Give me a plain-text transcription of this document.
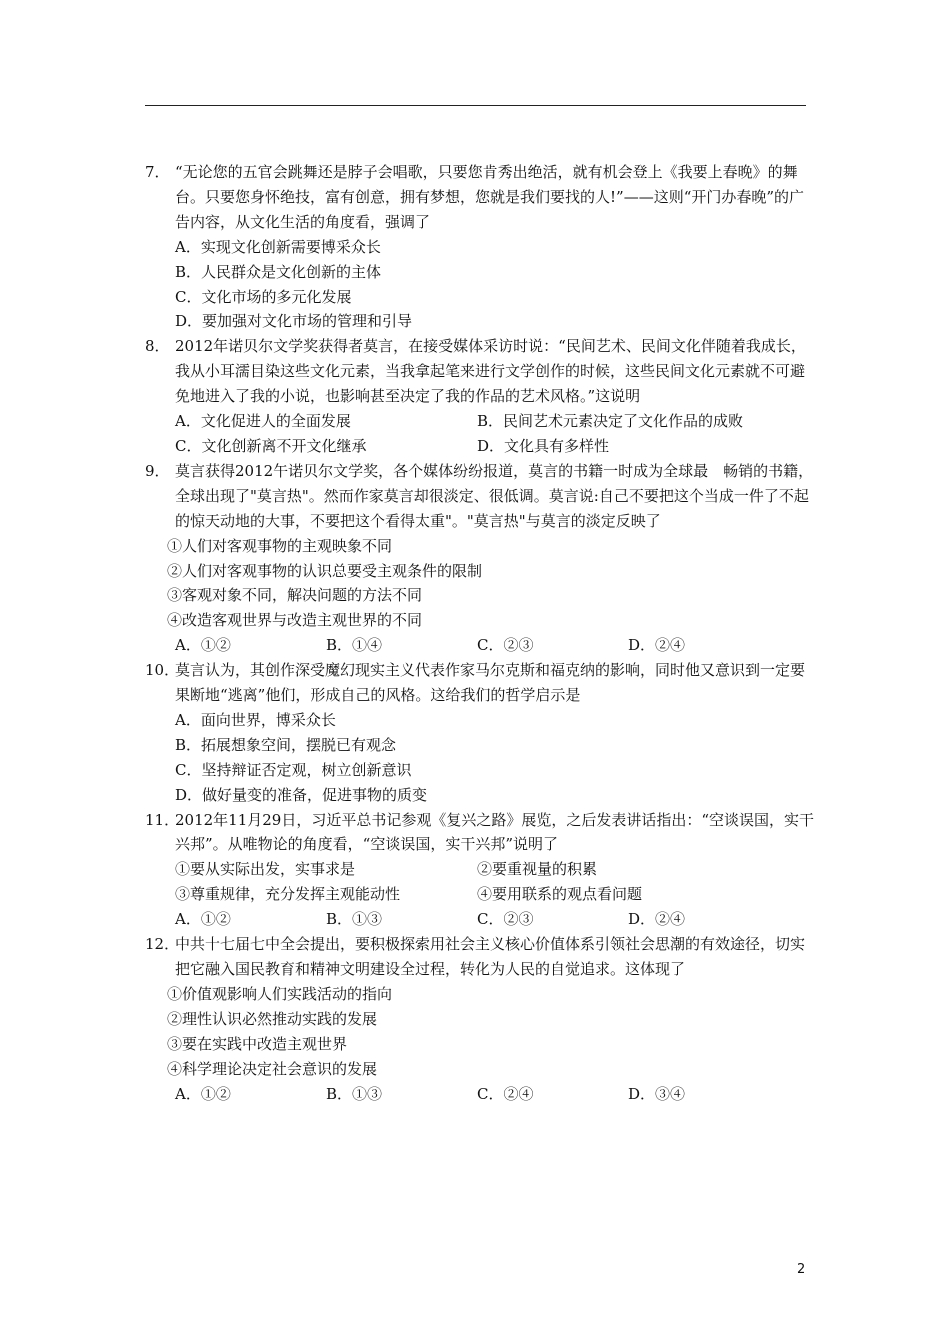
7． “无论您的五官会跳舞还是脖子会唱歌，只要您肯秀出绝活，就有机会登上《我要上春晚》的舞台。只要您身怀绝技，富有创意，拥有梦想，您就是我们要找的人!”——这则“开门办春晚”的广告内容，从文化生活的角度看，强调了
A．实现文化创新需要博采众长
B．人民群众是文化创新的主体
C．文化市场的多元化发展
D．要加强对文化市场的管理和引导
8． 2012年诺贝尔文学奖获得者莫言，在接受媒体采访时说：“民间艺术、民间文化伴随着我成长，我从小耳濡目染这些文化元素，当我拿起笔来进行文学创作的时候，这些民间文化元素就不可避免地进入了我的小说，也影响甚至决定了我的作品的艺术风格。”这说明
A．文化促进人的全面发展	B．民间艺术元素决定了文化作品的成败
C．文化创新离不开文化继承	D．文化具有多样性
9． 莫言获得2012午诺贝尔文学奖，各个媒体纷纷报道，莫言的书籍一时成为全球最　畅销的书籍，全球出现了"莫言热"。然而作家莫言却很淡定、很低调。莫言说:自己不要把这个当成一件了不起的惊天动地的大事，不要把这个看得太重"。"莫言热"与莫言的淡定反映了
①人们对客观事物的主观映象不同
②人们对客观事物的认识总要受主观条件的限制
③客观对象不同，解决问题的方法不同
④改造客观世界与改造主观世界的不同
A．①②	B．①④	C．②③	D．②④
10．
莫言认为，其创作深受魔幻现实主义代表作家马尔克斯和福克纳的影响，同时他又意识到一定要果断地“逃离”他们，形成自己的风格。这给我们的哲学启示是
A．面向世界，博采众长
B．拓展想象空间，摆脱已有观念
C．坚持辩证否定观，树立创新意识
D．做好量变的准备，促进事物的质变
11．
2012年11月29日，习近平总书记参观《复兴之路》展览，之后发表讲话指出：“空谈误国，实干兴邦”。从唯物论的角度看，“空谈误国，实干兴邦”说明了
①要从实际出发，实事求是	②要重视量的积累
③尊重规律，充分发挥主观能动性	④要用联系的观点看问题
A．①②	B．①③	C．②③	D．②④
12．
中共十七届七中全会提出，要积极探索用社会主义核心价值体系引领社会思潮的有效途径，切实把它融入国民教育和精神文明建设全过程，转化为人民的自觉追求。这体现了
①价值观影响人们实践活动的指向
②理性认识必然推动实践的发展
③要在实践中改造主观世界
④科学理论决定社会意识的发展
A．①②	B．①③	C．②④	D．③④
2
